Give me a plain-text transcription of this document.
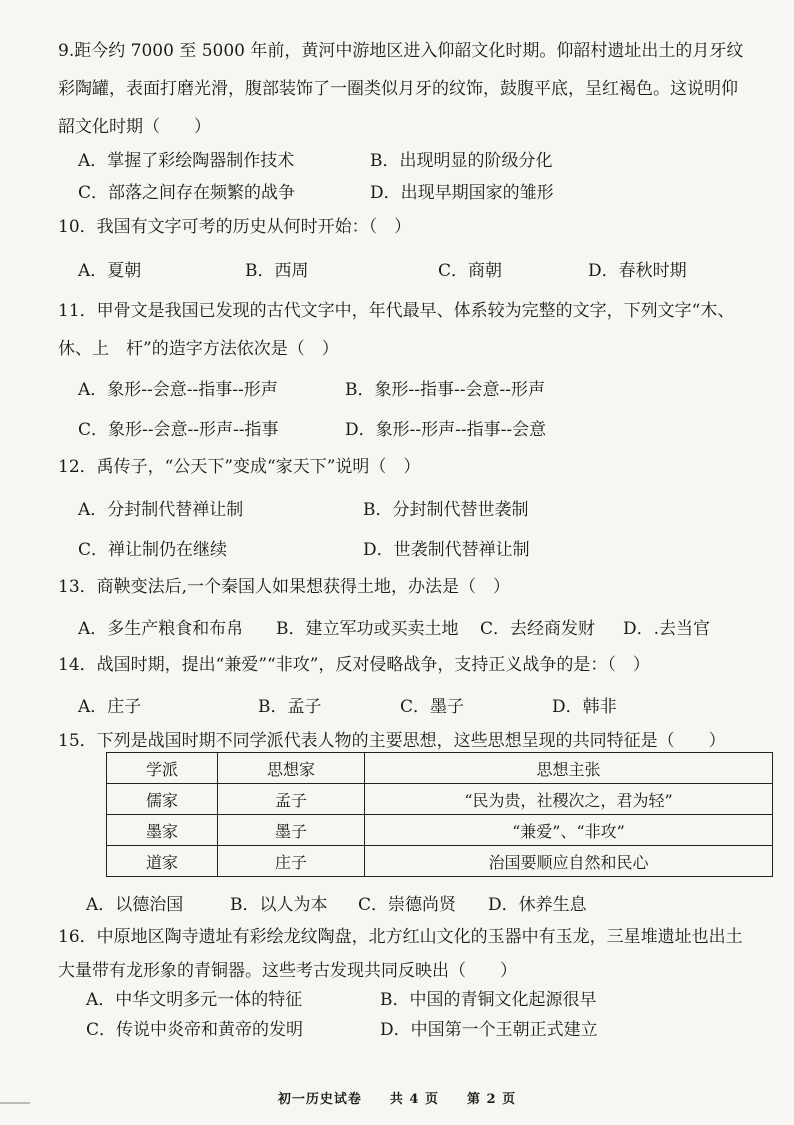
9.距今约 7000 至 5000 年前，黄河中游地区进入仰韶文化时期。仰韶村遗址出土的月牙纹彩陶罐，表面打磨光滑，腹部装饰了一圈类似月牙的纹饰，鼓腹平底，呈红褐色。这说明仰韶文化时期（　　）

A．掌握了彩绘陶器制作技术	B．出现明显的阶级分化
C．部落之间存在频繁的战争	D．出现早期国家的雏形

10．我国有文字可考的历史从何时开始：（　）

A．夏朝	B．西周	C．商朝	D．春秋时期

11．甲骨文是我国已发现的古代文字中，年代最早、体系较为完整的文字，下列文字“木、休、上　杆”的造字方法依次是（　）

A．象形--会意--指事--形声	B．象形--指事--会意--形声
C．象形--会意--形声--指事	D．象形--形声--指事--会意

12．禹传子，“公天下”变成“家天下”说明（　）

A．分封制代替禅让制	B．分封制代替世袭制
C．禅让制仍在继续	D．世袭制代替禅让制

13．商鞅变法后,一个秦国人如果想获得土地，办法是（　）

A．多生产粮食和布帛 B．建立军功或买卖土地 C．去经商发财 D．.去当官

14．战国时期，提出“兼爱”“非攻”，反对侵略战争，支持正义战争的是：（　）

A．庄子	B．孟子	C．墨子	D．韩非

15．下列是战国时期不同学派代表人物的主要思想，这些思想呈现的共同特征是（　　）

学派	思想家	思想主张
儒家	孟子	“民为贵，社稷次之，君为轻”
墨家	墨子	“兼爱”、“非攻”
道家	庄子	治国要顺应自然和民心
A．以德治国	B．以人为本 C．崇德尚贤 D．休养生息

16．中原地区陶寺遗址有彩绘龙纹陶盘，北方红山文化的玉器中有玉龙，三星堆遗址也出土大量带有龙形象的青铜器。这些考古发现共同反映出（　　）

A．中华文明多元一体的特征	B．中国的青铜文化起源很早
C．传说中炎帝和黄帝的发明	D．中国第一个王朝正式建立
初一历史试卷　　共 4 页　　第 2 页
